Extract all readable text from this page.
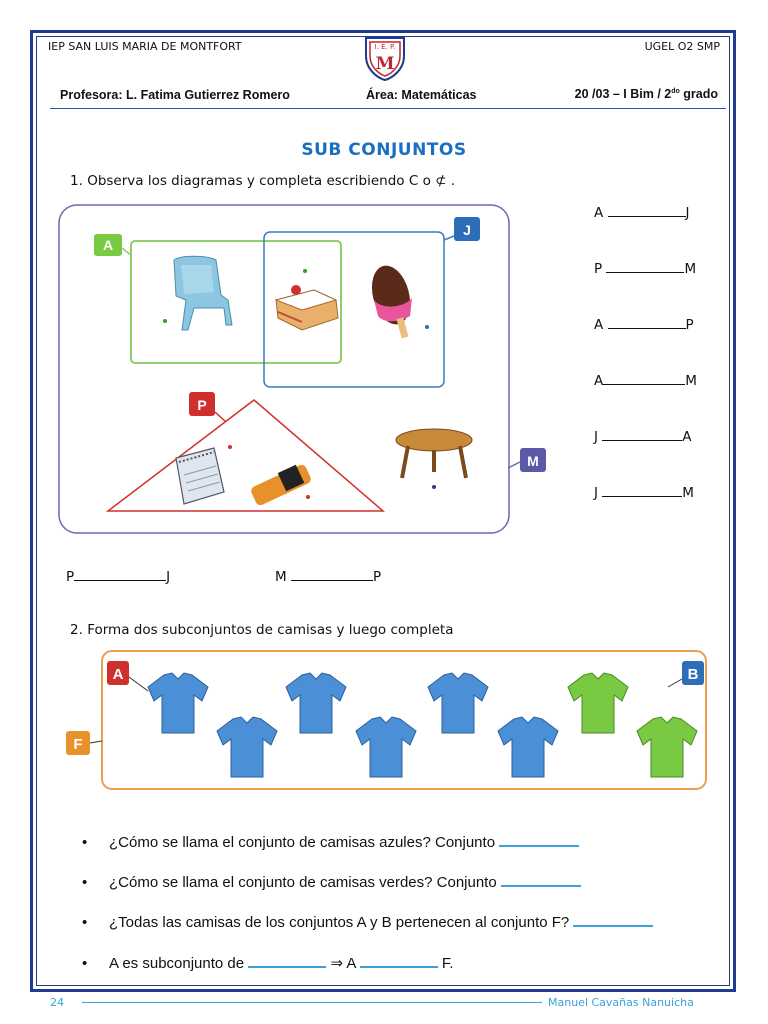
IEP SAN LUIS MARIA DE MONTFORT	UGEL O2 SMP
I. E. P.
M
Profesora: L. Fatima Gutierrez Romero	Área: Matemáticas	20 /03 – I Bim / $2^{do}$ grado
SUB CONJUNTOS
1. Observa los diagramas y completa escribiendo C o ⊄ .
A
J
P
M
A	J
P	M
A	P
A	M
J	A
J	M
P	J	M	P
2. Forma dos subconjuntos de camisas y luego completa
A	B
F
• ¿Cómo se llama el conjunto de camisas azules? Conjunto
• ¿Cómo se llama el conjunto de camisas verdes? Conjunto
• ¿Todas las camisas de los conjuntos A y B pertenecen al conjunto F?
• A es subconjunto de	⇒ A	F.
24	Manuel Cavañas Nanuicha
